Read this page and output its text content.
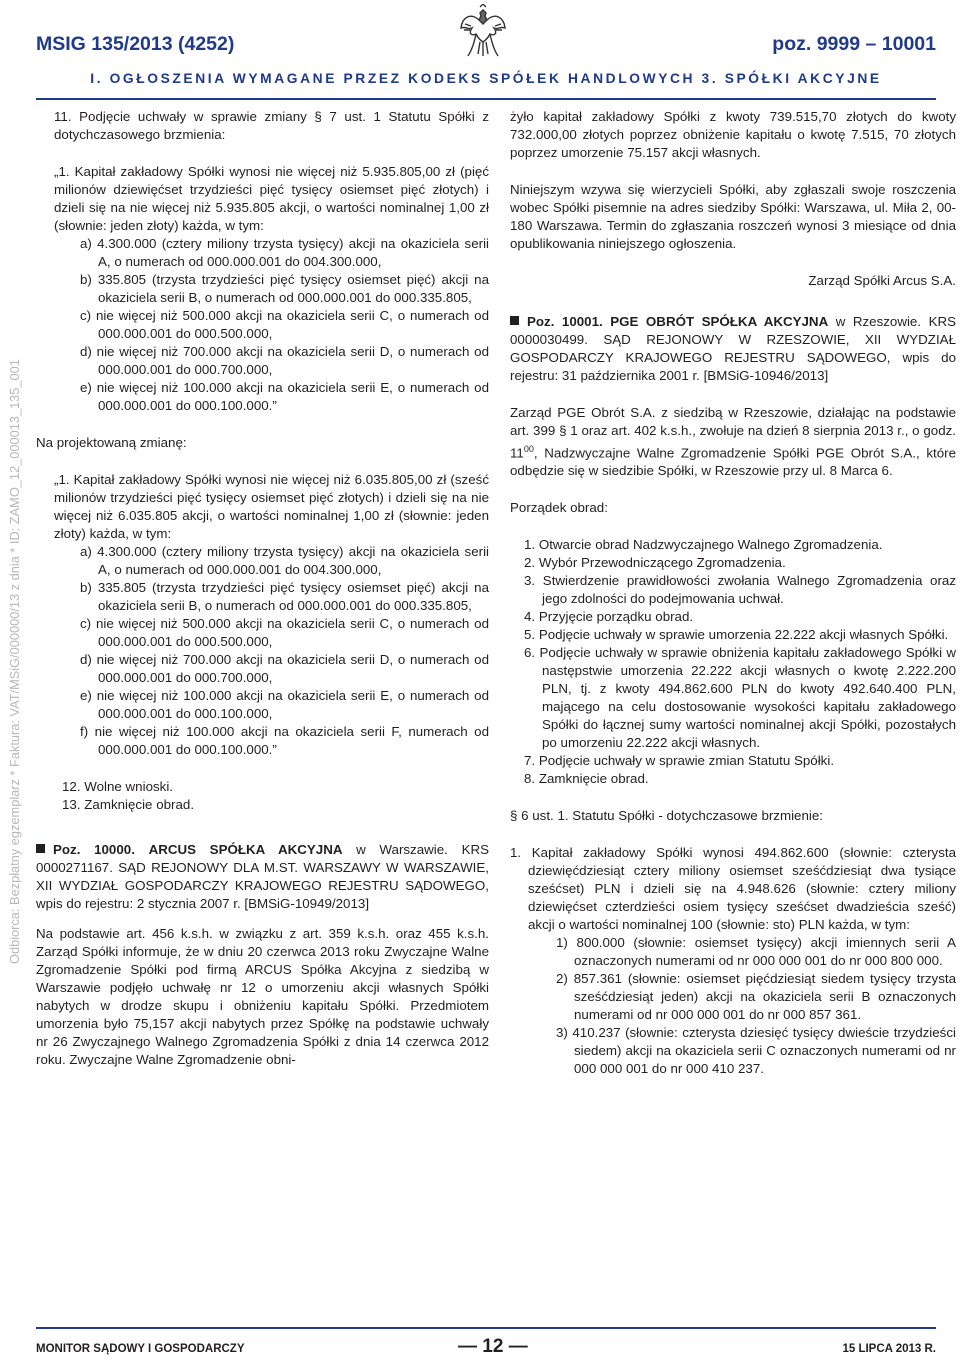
MSIG 135/2013 (4252)	poz. 9999 – 10001
I. OGŁOSZENIA WYMAGANE PRZEZ KODEKS SPÓŁEK HANDLOWYCH 3. SPÓŁKI AKCYJNE
Odbiorca: Bezpłatny egzemplarz * Faktura: VAT/MSiG/000000/13 z dnia * ID: ZAMO_12_000013_135_001

11. Podjęcie uchwały w sprawie zmiany § 7 ust. 1 Statutu Spółki z dotychczasowego brzmienia:

„1. Kapitał zakładowy Spółki wynosi nie więcej niż 5.935.805,00 zł (pięć milionów dziewięćset trzydzieści pięć tysięcy osiemset pięć złotych) i dzieli się na nie więcej niż 5.935.805 akcji, o wartości nominalnej 1,00 zł (słownie: jeden złoty) każda, w tym:

a) 4.300.000 (cztery miliony trzysta tysięcy) akcji na okaziciela serii A, o numerach od 000.000.001 do 004.300.000,

b) 335.805 (trzysta trzydzieści pięć tysięcy osiemset pięć) akcji na okaziciela serii B, o numerach od 000.000.001 do 000.335.805,

c) nie więcej niż 500.000 akcji na okaziciela serii C, o numerach od 000.000.001 do 000.500.000,

d) nie więcej niż 700.000 akcji na okaziciela serii D, o numerach od 000.000.001 do 000.700.000,

e) nie więcej niż 100.000 akcji na okaziciela serii E, o numerach od 000.000.001 do 000.100.000.”

Na projektowaną zmianę:

„1. Kapitał zakładowy Spółki wynosi nie więcej niż 6.035.805,00 zł (sześć milionów trzydzieści pięć tysięcy osiemset pięć złotych) i dzieli się na nie więcej niż 6.035.805 akcji, o wartości nominalnej 1,00 zł (słownie: jeden złoty) każda, w tym:

a) 4.300.000 (cztery miliony trzysta tysięcy) akcji na okaziciela serii A, o numerach od 000.000.001 do 004.300.000,

b) 335.805 (trzysta trzydzieści pięć tysięcy osiemset pięć) akcji na okaziciela serii B, o numerach od 000.000.001 do 000.335.805,

c) nie więcej niż 500.000 akcji na okaziciela serii C, o numerach od 000.000.001 do 000.500.000,

d) nie więcej niż 700.000 akcji na okaziciela serii D, o numerach od 000.000.001 do 000.700.000,

e) nie więcej niż 100.000 akcji na okaziciela serii E, o numerach od 000.000.001 do 000.100.000,

f) nie więcej niż 100.000 akcji na okaziciela serii F, numerach od 000.000.001 do 000.100.000.”

12. Wolne wnioski.

13. Zamknięcie obrad.

Poz. 10000. ARCUS SPÓŁKA AKCYJNA w Warszawie. KRS 0000271167. SĄD REJONOWY DLA M.ST. WARSZAWY W WARSZAWIE, XII WYDZIAŁ GOSPODARCZY KRAJOWEGO REJESTRU SĄDOWEGO, wpis do rejestru: 2 stycznia 2007 r. [BMSiG-10949/2013]

Na podstawie art. 456 k.s.h. w związku z art. 359 k.s.h. oraz 455 k.s.h. Zarząd Spółki informuje, że w dniu 20 czerwca 2013 roku Zwyczajne Walne Zgromadzenie Spółki pod firmą ARCUS Spółka Akcyjna z siedzibą w Warszawie podjęło uchwałę nr 12 o umorzeniu akcji własnych Spółki nabytych w drodze skupu i obniżeniu kapitału Spółki. Przedmiotem umorzenia było 75,157 akcji nabytych przez Spółkę na podstawie uchwały nr 26 Zwyczajnego Walnego Zgromadzenia Spółki z dnia 14 czerwca 2012 roku. Zwyczajne Walne Zgromadzenie obni-

żyło kapitał zakładowy Spółki z kwoty 739.515,70 złotych do kwoty 732.000,00 złotych poprzez obniżenie kapitału o kwotę 7.515, 70 złotych poprzez umorzenie 75.157 akcji własnych.

Niniejszym wzywa się wierzycieli Spółki, aby zgłaszali swoje roszczenia wobec Spółki pisemnie na adres siedziby Spółki: Warszawa, ul. Miła 2, 00-180 Warszawa. Termin do zgłaszania roszczeń wynosi 3 miesiące od dnia opublikowania niniejszego ogłoszenia.

Zarząd Spółki Arcus S.A.

Poz. 10001. PGE OBRÓT SPÓŁKA AKCYJNA w Rzeszowie. KRS 0000030499. SĄD REJONOWY W RZESZOWIE, XII WYDZIAŁ GOSPODARCZY KRAJOWEGO REJESTRU SĄDOWEGO, wpis do rejestru: 31 października 2001 r. [BMSiG-10946/2013]

Zarząd PGE Obrót S.A. z siedzibą w Rzeszowie, działając na podstawie art. 399 § 1 oraz art. 402 k.s.h., zwołuje na dzień 8 sierpnia 2013 r., o godz. $11^{00}$, Nadzwyczajne Walne Zgromadzenie Spółki PGE Obrót S.A., które odbędzie się w siedzibie Spółki, w Rzeszowie przy ul. 8 Marca 6.

Porządek obrad:

1. Otwarcie obrad Nadzwyczajnego Walnego Zgromadzenia.
2. Wybór Przewodniczącego Zgromadzenia.
3. Stwierdzenie prawidłowości zwołania Walnego Zgromadzenia oraz jego zdolności do podejmowania uchwał.
4. Przyjęcie porządku obrad.
5. Podjęcie uchwały w sprawie umorzenia 22.222 akcji własnych Spółki.
6. Podjęcie uchwały w sprawie obniżenia kapitału zakładowego Spółki w następstwie umorzenia 22.222 akcji własnych o kwotę 2.222.200 PLN, tj. z kwoty 494.862.600 PLN do kwoty 492.640.400 PLN, mającego na celu dostosowanie wysokości kapitału zakładowego Spółki do łącznej sumy wartości nominalnej akcji Spółki, pozostałych po umorzeniu 22.222 akcji własnych.
7. Podjęcie uchwały w sprawie zmian Statutu Spółki.
8. Zamknięcie obrad.

§ 6 ust. 1. Statutu Spółki - dotychczasowe brzmienie:

1. Kapitał zakładowy Spółki wynosi 494.862.600 (słownie: czterysta dziewięćdziesiąt cztery miliony osiemset sześćdziesiąt dwa tysiące sześćset) PLN i dzieli się na 4.948.626 (słownie: cztery miliony dziewięćset czterdzieści osiem tysięcy sześćset dwadzieścia sześć) akcji o wartości nominalnej 100 (słownie: sto) PLN każda, w tym:

1) 800.000 (słownie: osiemset tysięcy) akcji imiennych serii A oznaczonych numerami od nr 000 000 001 do nr 000 800 000.

2) 857.361 (słownie: osiemset pięćdziesiąt siedem tysięcy trzysta sześćdziesiąt jeden) akcji na okaziciela serii B oznaczonych numerami od nr 000 000 001 do nr 000 857 361.

3) 410.237 (słownie: czterysta dziesięć tysięcy dwieście trzydzieści siedem) akcji na okaziciela serii C oznaczonych numerami od nr 000 000 001 do nr 000 410 237.

MONITOR SĄDOWY I GOSPODARCZY	— 12 —	15 LIPCA 2013 R.
